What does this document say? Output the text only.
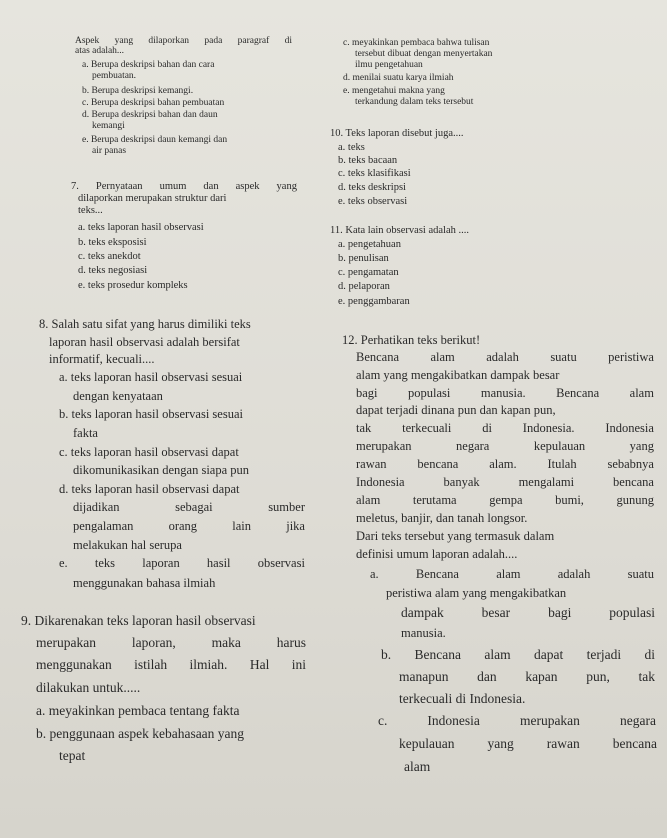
Aspek yang dilaporkan pada paragraf di
atas adalah...
a. Berupa deskripsi bahan dan cara
pembuatan.
b. Berupa deskripsi kemangi.
c. Berupa deskripsi bahan pembuatan
d. Berupa deskripsi bahan dan daun
kemangi
e. Berupa deskripsi daun kemangi dan
air panas
7. Pernyataan umum dan aspek yang
dilaporkan merupakan struktur dari
teks...
a. teks laporan hasil observasi
b. teks eksposisi
c. teks anekdot
d. teks negosiasi
e. teks prosedur kompleks
8. Salah satu sifat yang harus dimiliki teks
laporan hasil observasi adalah bersifat
informatif, kecuali....
a. teks laporan hasil observasi sesuai
dengan kenyataan
b. teks laporan hasil observasi sesuai
fakta
c. teks laporan hasil observasi dapat
dikomunikasikan dengan siapa pun
d. teks laporan hasil observasi dapat
dijadikan	sebagai	sumber
pengalaman	orang	lain	jika
melakukan hal serupa
e. teks laporan hasil observasi
menggunakan bahasa ilmiah
9. Dikarenakan teks laporan hasil observasi
merupakan	laporan,	maka	harus
menggunakan istilah ilmiah. Hal ini
dilakukan untuk.....
a. meyakinkan pembaca tentang fakta
b. penggunaan aspek kebahasaan yang
tepat
c. meyakinkan pembaca bahwa tulisan
tersebut dibuat dengan menyertakan
ilmu pengetahuan
d. menilai suatu karya ilmiah
e. mengetahui makna yang
terkandung dalam teks tersebut
10. Teks laporan disebut juga....
a. teks
b. teks bacaan
c. teks klasifikasi
d. teks deskripsi
e. teks observasi
11. Kata lain observasi adalah ....
a. pengetahuan
b. penulisan
c. pengamatan
d. pelaporan
e. penggambaran
12. Perhatikan teks berikut!
Bencana	alam	adalah	suatu	peristiwa
alam yang mengakibatkan dampak besar
bagi populasi manusia. Bencana alam
dapat terjadi dinana pun dan kapan pun,
tak terkecuali di Indonesia. Indonesia
merupakan	negara	kepulauan	yang
rawan bencana alam. Itulah sebabnya
Indonesia	banyak	mengalami	bencana
alam	terutama	gempa	bumi,	gunung
meletus, banjir, dan tanah longsor.
Dari teks tersebut yang termasuk dalam
definisi umum laporan adalah....
a.	Bencana	alam	adalah	suatu
peristiwa alam yang mengakibatkan
dampak	besar	bagi	populasi
manusia.
b. Bencana alam dapat terjadi di
manapun dan kapan pun, tak
terkecuali di Indonesia.
c.	Indonesia	merupakan	negara
kepulauan yang rawan bencana
alam
